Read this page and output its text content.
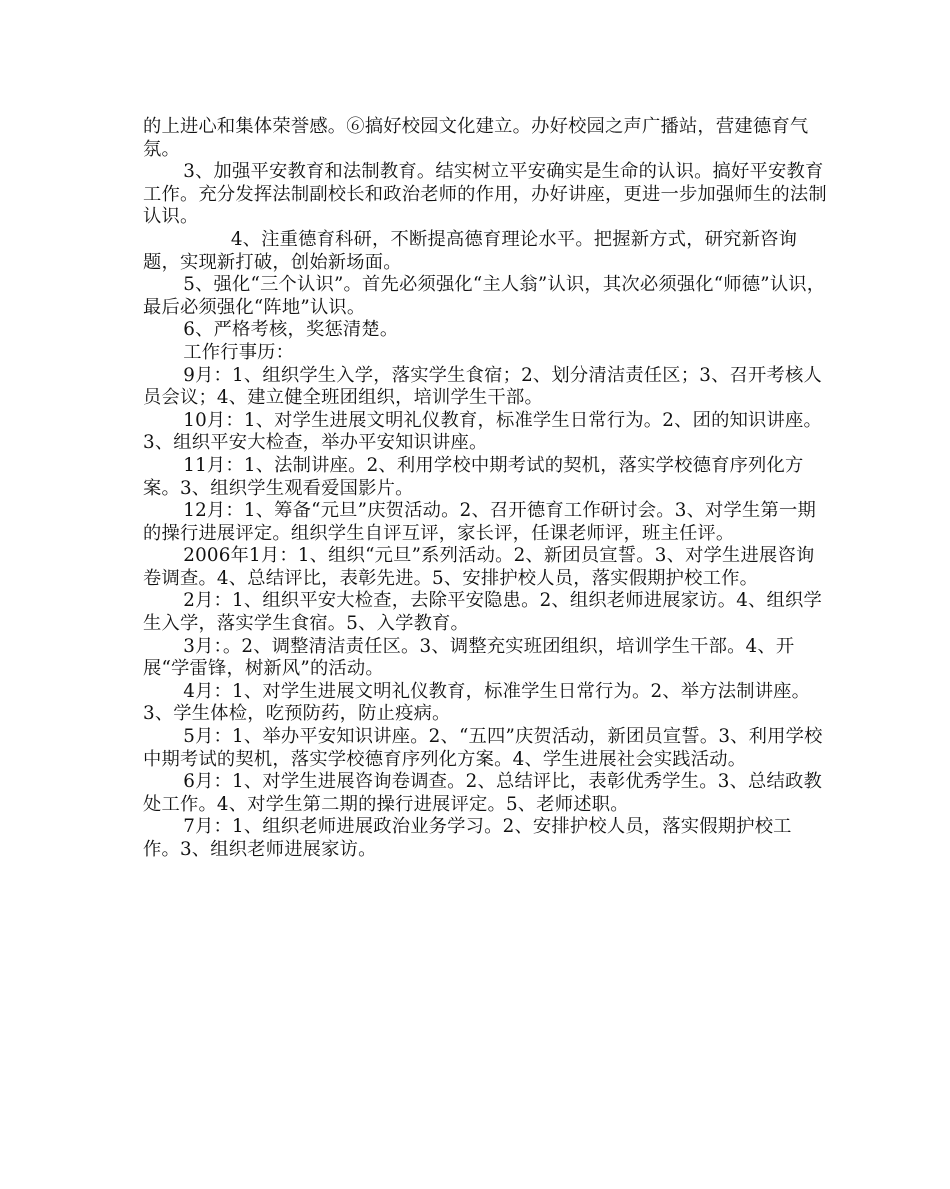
的上进心和集体荣誉感。⑥搞好校园文化建立。办好校园之声广播站，营建德育气氛。

3、加强平安教育和法制教育。结实树立平安确实是生命的认识。搞好平安教育工作。充分发挥法制副校长和政治老师的作用，办好讲座，更进一步加强师生的法制认识。

4、注重德育科研，不断提高德育理论水平。把握新方式，研究新咨询题，实现新打破，创始新场面。

5、强化“三个认识”。首先必须强化“主人翁”认识，其次必须强化“师德”认识，最后必须强化“阵地”认识。

6、严格考核，奖惩清楚。

工作行事历：

9月：1、组织学生入学，落实学生食宿；2、划分清洁责任区；3、召开考核人员会议；4、建立健全班团组织，培训学生干部。

10月：1、对学生进展文明礼仪教育，标准学生日常行为。2、团的知识讲座。3、组织平安大检查，举办平安知识讲座。

11月：1、法制讲座。2、利用学校中期考试的契机，落实学校德育序列化方案。3、组织学生观看爱国影片。

12月：1、筹备“元旦”庆贺活动。2、召开德育工作研讨会。3、对学生第一期的操行进展评定。组织学生自评互评，家长评，任课老师评，班主任评。

2006年1月：1、组织“元旦”系列活动。2、新团员宣誓。3、对学生进展咨询卷调查。4、总结评比，表彰先进。5、安排护校人员，落实假期护校工作。

2月：1、组织平安大检查，去除平安隐患。2、组织老师进展家访。4、组织学生入学，落实学生食宿。5、入学教育。

3月：。2、调整清洁责任区。3、调整充实班团组织，培训学生干部。4、开展“学雷锋，树新风”的活动。

4月：1、对学生进展文明礼仪教育，标准学生日常行为。2、举方法制讲座。3、学生体检，吃预防药，防止疫病。

5月：1、举办平安知识讲座。2、“五四”庆贺活动，新团员宣誓。3、利用学校中期考试的契机，落实学校德育序列化方案。4、学生进展社会实践活动。

6月：1、对学生进展咨询卷调查。2、总结评比，表彰优秀学生。3、总结政教处工作。4、对学生第二期的操行进展评定。5、老师述职。

7月：1、组织老师进展政治业务学习。2、安排护校人员，落实假期护校工作。3、组织老师进展家访。
